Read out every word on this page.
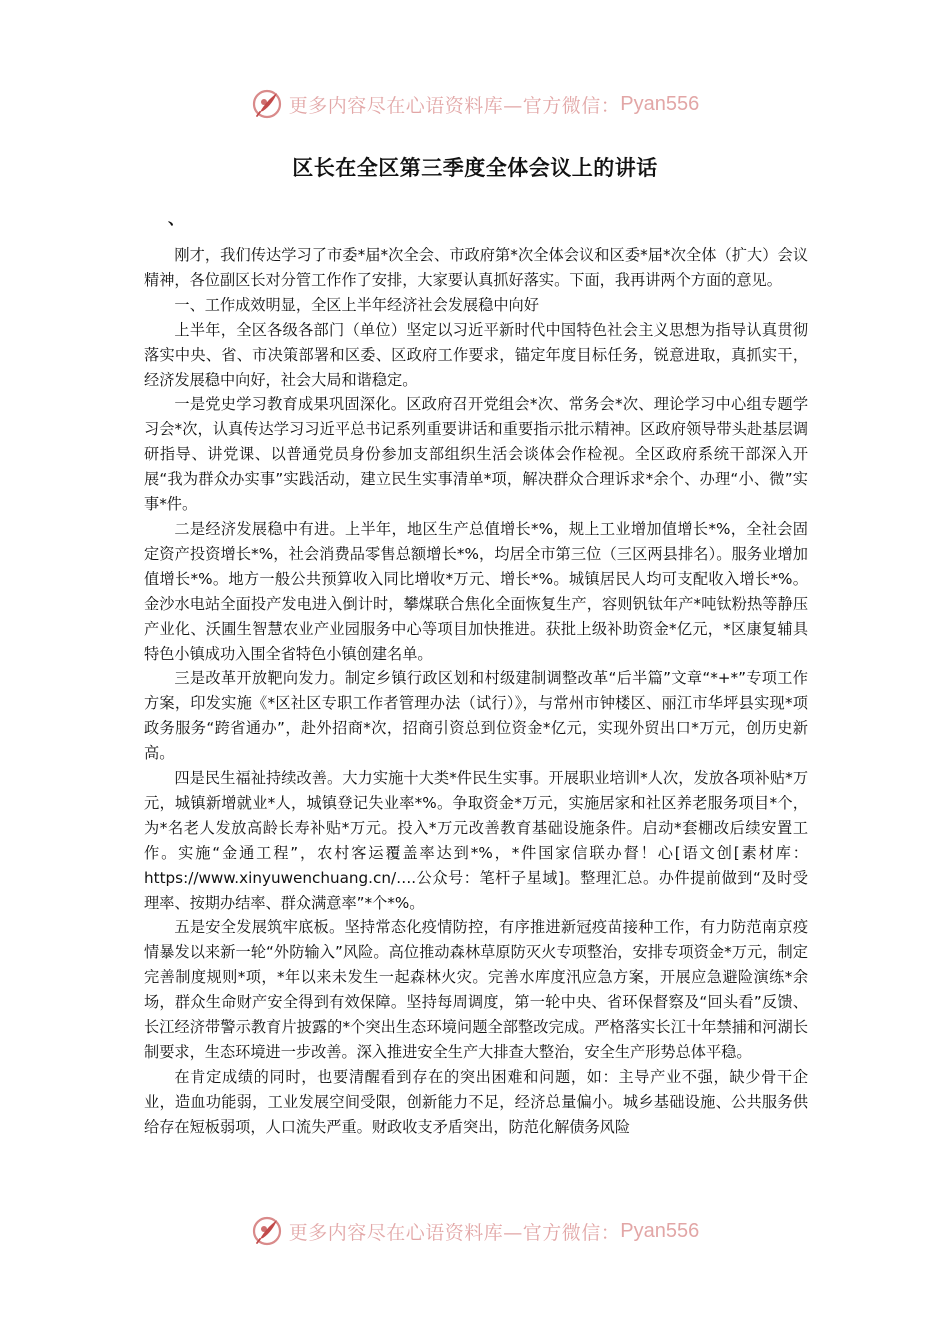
更多内容尽在心语资料库—官方微信： Pyan556
区长在全区第三季度全体会议上的讲话
、

刚才，我们传达学习了市委*届*次全会、市政府第*次全体会议和区委*届*次全体（扩大）会议精神，各位副区长对分管工作作了安排，大家要认真抓好落实。下面，我再讲两个方面的意见。

一、工作成效明显，全区上半年经济社会发展稳中向好

上半年，全区各级各部门（单位）坚定以习近平新时代中国特色社会主义思想为指导认真贯彻落实中央、省、市决策部署和区委、区政府工作要求，锚定年度目标任务，锐意进取，真抓实干，经济发展稳中向好，社会大局和谐稳定。

一是党史学习教育成果巩固深化。区政府召开党组会*次、常务会*次、理论学习中心组专题学习会*次，认真传达学习习近平总书记系列重要讲话和重要指示批示精神。区政府领导带头赴基层调研指导、讲党课、以普通党员身份参加支部组织生活会谈体会作检视。全区政府系统干部深入开展“我为群众办实事”实践活动，建立民生实事清单*项，解决群众合理诉求*余个、办理“小、微”实事*件。

二是经济发展稳中有进。上半年，地区生产总值增长*%，规上工业增加值增长*%，全社会固定资产投资增长*%，社会消费品零售总额增长*%，均居全市第三位（三区两县排名）。服务业增加值增长*%。地方一般公共预算收入同比增收*万元、增长*%。城镇居民人均可支配收入增长*%。金沙水电站全面投产发电进入倒计时，攀煤联合焦化全面恢复生产，容则钒钛年产*吨钛粉热等静压产业化、沃圃生智慧农业产业园服务中心等项目加快推进。获批上级补助资金*亿元，*区康复辅具特色小镇成功入围全省特色小镇创建名单。

三是改革开放靶向发力。制定乡镇行政区划和村级建制调整改革“后半篇”文章“*+*”专项工作方案，印发实施《*区社区专职工作者管理办法（试行）》，与常州市钟楼区、丽江市华坪县实现*项政务服务“跨省通办”，赴外招商*次，招商引资总到位资金*亿元，实现外贸出口*万元，创历史新高。

四是民生福祉持续改善。大力实施十大类*件民生实事。开展职业培训*人次，发放各项补贴*万元，城镇新增就业*人，城镇登记失业率*%。争取资金*万元，实施居家和社区养老服务项目*个，为*名老人发放高龄长寿补贴*万元。投入*万元改善教育基础设施条件。启动*套棚改后续安置工作。实施“金通工程”，农村客运覆盖率达到*%，*件国家信联办督！心[语文创[素材库：https://www.xinyuwenchuang.cn/….公众号：笔杆子星域]。整理汇总。办件提前做到“及时受理率、按期办结率、群众满意率”*个*%。

五是安全发展筑牢底板。坚持常态化疫情防控，有序推进新冠疫苗接种工作，有力防范南京疫情暴发以来新一轮“外防输入”风险。高位推动森林草原防灭火专项整治，安排专项资金*万元，制定完善制度规则*项，*年以来未发生一起森林火灾。完善水库度汛应急方案，开展应急避险演练*余场，群众生命财产安全得到有效保障。坚持每周调度，第一轮中央、省环保督察及“回头看”反馈、长江经济带警示教育片披露的*个突出生态环境问题全部整改完成。严格落实长江十年禁捕和河湖长制要求，生态环境进一步改善。深入推进安全生产大排查大整治，安全生产形势总体平稳。

在肯定成绩的同时，也要清醒看到存在的突出困难和问题，如：主导产业不强，缺少骨干企业，造血功能弱，工业发展空间受限，创新能力不足，经济总量偏小。城乡基础设施、公共服务供给存在短板弱项，人口流失严重。财政收支矛盾突出，防范化解债务风险

更多内容尽在心语资料库—官方微信： Pyan556
